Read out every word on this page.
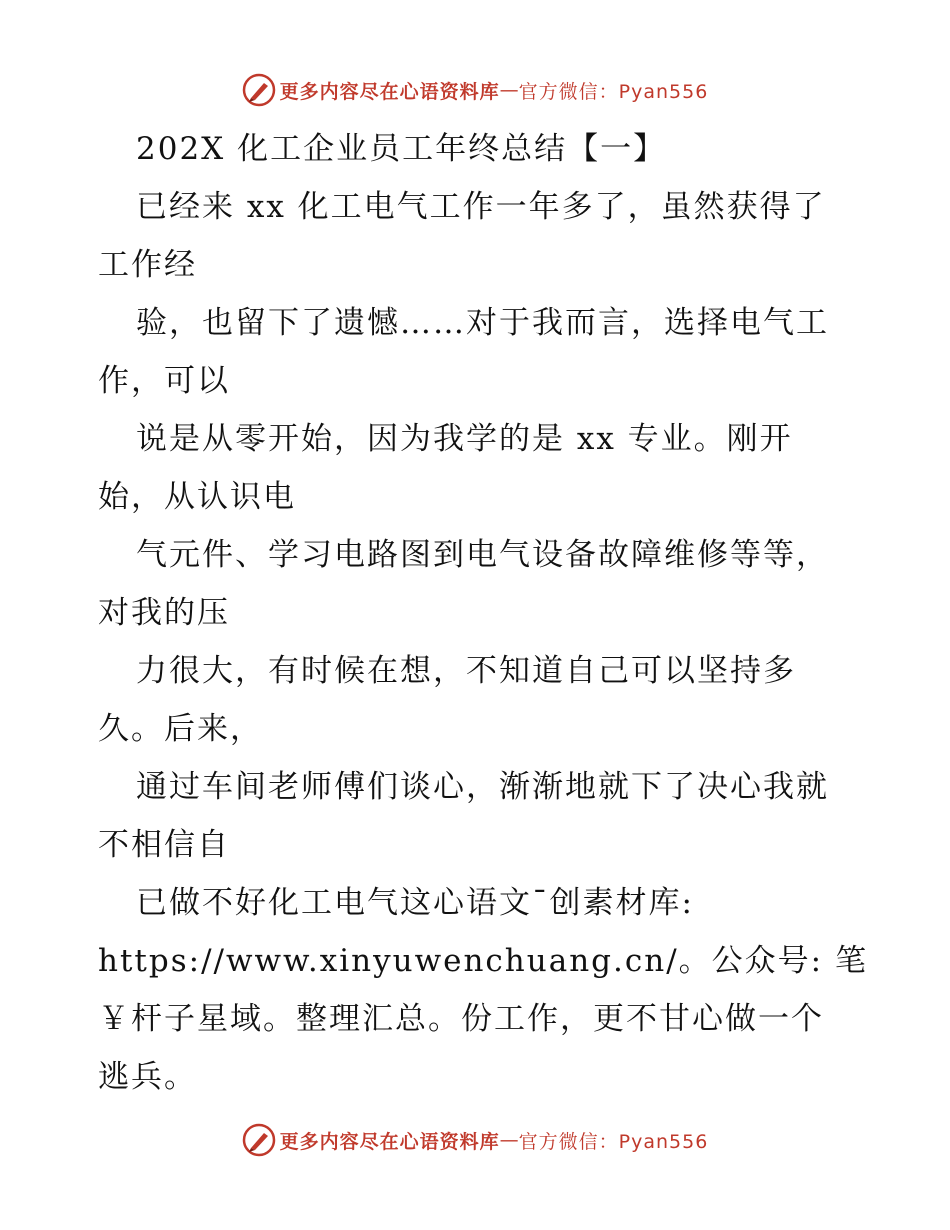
更多内容尽在心语资料库 — 官方微信：Pyan556
202X 化工企业员工年终总结【一】
已经来 xx 化工电气工作一年多了，虽然获得了
工作经
验，也留下了遗憾……对于我而言，选择电气工
作，可以
说是从零开始，因为我学的是 xx 专业。刚开
始，从认识电
气元件、学习电路图到电气设备故障维修等等，
对我的压
力很大，有时候在想，不知道自己可以坚持多
久。后来，
通过车间老师傅们谈心，渐渐地就下了决心我就
不相信自
已做不好化工电气这心语文¯创素材库:
https://www.xinyuwenchuang.cn/。公众号: 笔
￥杆子星域。整理汇总。份工作，更不甘心做一个
逃兵。
更多内容尽在心语资料库 — 官方微信：Pyan556
